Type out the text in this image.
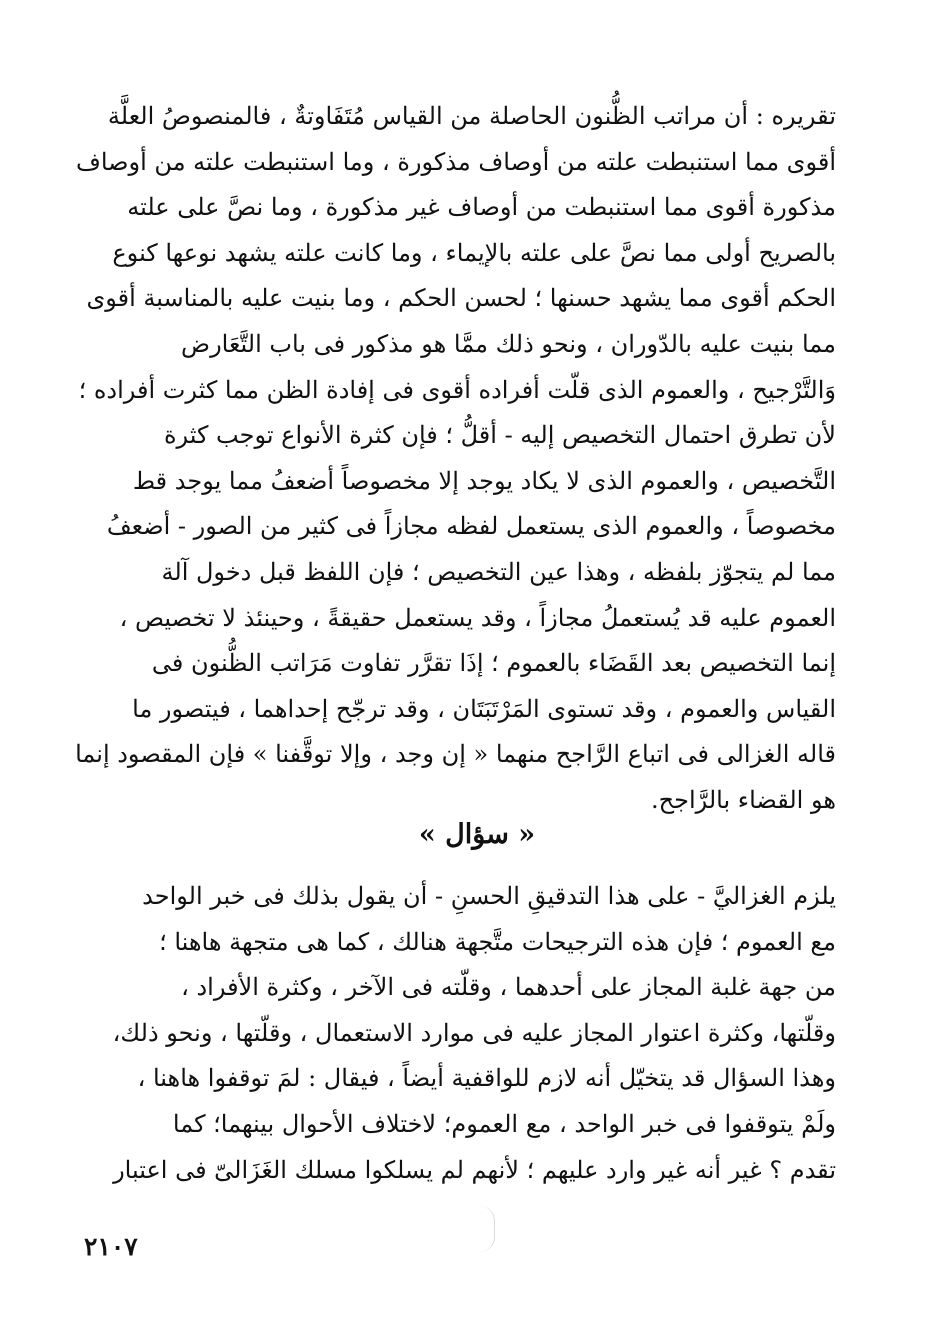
تقريره : أن مراتب الظُّنون الحاصلة من القياس مُتَفَاوتةٌ ، فالمنصوصُ العلَّة
أقوى مما استنبطت علته من أوصاف مذكورة ، وما استنبطت علته من أوصاف
مذكورة أقوى مما استنبطت من أوصاف غير مذكورة ، وما نصَّ على علته
بالصريح أولى مما نصَّ على علته بالإيماء ، وما كانت علته يشهد نوعها كنوع
الحكم أقوى مما يشهد حسنها ؛ لحسن الحكم ، وما بنيت عليه بالمناسبة أقوى
مما بنيت عليه بالدّوران ، ونحو ذلك ممَّا هو مذكور فى باب التَّعَارض
وَالتَّرْجيح ، والعموم الذى قلّت أفراده أقوى فى إفادة الظن مما كثرت أفراده ؛
لأن تطرق احتمال التخصيص إليه - أقلُّ ؛ فإن كثرة الأنواع توجب كثرة
التَّخصيص ، والعموم الذى لا يكاد يوجد إلا مخصوصاً أضعفُ مما يوجد قط
مخصوصاً ، والعموم الذى يستعمل لفظه مجازاً فى كثير من الصور - أضعفُ
مما لم يتجوّز بلفظه ، وهذا عين التخصيص ؛ فإن اللفظ قبل دخول آلة
العموم عليه قد يُستعملُ مجازاً ، وقد يستعمل حقيقةً ، وحينئذ لا تخصيص ،
إنما التخصيص بعد القَضَاء بالعموم ؛ إذَا تقرَّر تفاوت مَرَاتب الظُّنون فى
القياس والعموم ، وقد تستوى المَرْتَبَتَان ، وقد ترجّح إحداهما ، فيتصور ما
قاله الغزالى فى اتباع الرَّاجح منهما « إن وجد ، وإلا توقَّفنا » فإن المقصود إنما
هو القضاء بالرَّاجح.
« سؤال »
يلزم الغزاليَّ - على هذا التدقيقِ الحسنِ - أن يقول بذلك فى خبر الواحد
مع العموم ؛ فإن هذه الترجيحات متَّجهة هنالك ، كما هى متجهة هاهنا ؛
من جهة غلبة المجاز على أحدهما ، وقلّته فى الآخر ، وكثرة الأفراد ،
وقلّتها، وكثرة اعتوار المجاز عليه فى موارد الاستعمال ، وقلّتها ، ونحو ذلك،
وهذا السؤال قد يتخيّل أنه لازم للواقفية أيضاً ، فيقال : لمَ توقفوا هاهنا ،
ولَمْ يتوقفوا فى خبر الواحد ، مع العموم؛ لاختلاف الأحوال بينهما؛ كما
تقدم ؟ غير أنه غير وارد عليهم ؛ لأنهم لم يسلكوا مسلك الغَزَالىّ فى اعتبار
٢١٠٧
